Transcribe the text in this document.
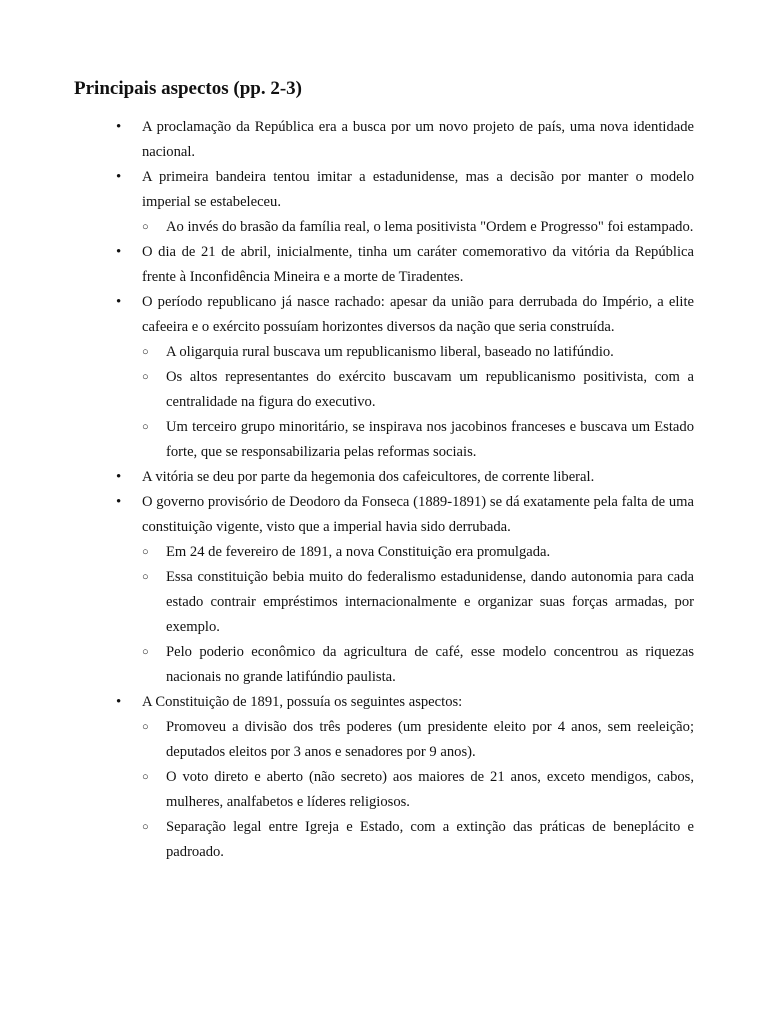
Principais aspectos (pp. 2-3)
• A proclamação da República era a busca por um novo projeto de país, uma nova identidade nacional.
• A primeira bandeira tentou imitar a estadunidense, mas a decisão por manter o modelo imperial se estabeleceu.
○ Ao invés do brasão da família real, o lema positivista "Ordem e Progresso" foi estampado.
• O dia de 21 de abril, inicialmente, tinha um caráter comemorativo da vitória da República frente à Inconfidência Mineira e a morte de Tiradentes.
• O período republicano já nasce rachado: apesar da união para derrubada do Império, a elite cafeeira e o exército possuíam horizontes diversos da nação que seria construída.
○ A oligarquia rural buscava um republicanismo liberal, baseado no latifúndio.
○ Os altos representantes do exército buscavam um republicanismo positivista, com a centralidade na figura do executivo.
○ Um terceiro grupo minoritário, se inspirava nos jacobinos franceses e buscava um Estado forte, que se responsabilizaria pelas reformas sociais.
• A vitória se deu por parte da hegemonia dos cafeicultores, de corrente liberal.
• O governo provisório de Deodoro da Fonseca (1889-1891) se dá exatamente pela falta de uma constituição vigente, visto que a imperial havia sido derrubada.
○ Em 24 de fevereiro de 1891, a nova Constituição era promulgada.
○ Essa constituição bebia muito do federalismo estadunidense, dando autonomia para cada estado contrair empréstimos internacionalmente e organizar suas forças armadas, por exemplo.
○ Pelo poderio econômico da agricultura de café, esse modelo concentrou as riquezas nacionais no grande latifúndio paulista.
• A Constituição de 1891, possuía os seguintes aspectos:
○ Promoveu a divisão dos três poderes (um presidente eleito por 4 anos, sem reeleição; deputados eleitos por 3 anos e senadores por 9 anos).
○ O voto direto e aberto (não secreto) aos maiores de 21 anos, exceto mendigos, cabos, mulheres, analfabetos e líderes religiosos.
○ Separação legal entre Igreja e Estado, com a extinção das práticas de beneplácito e padroado.
